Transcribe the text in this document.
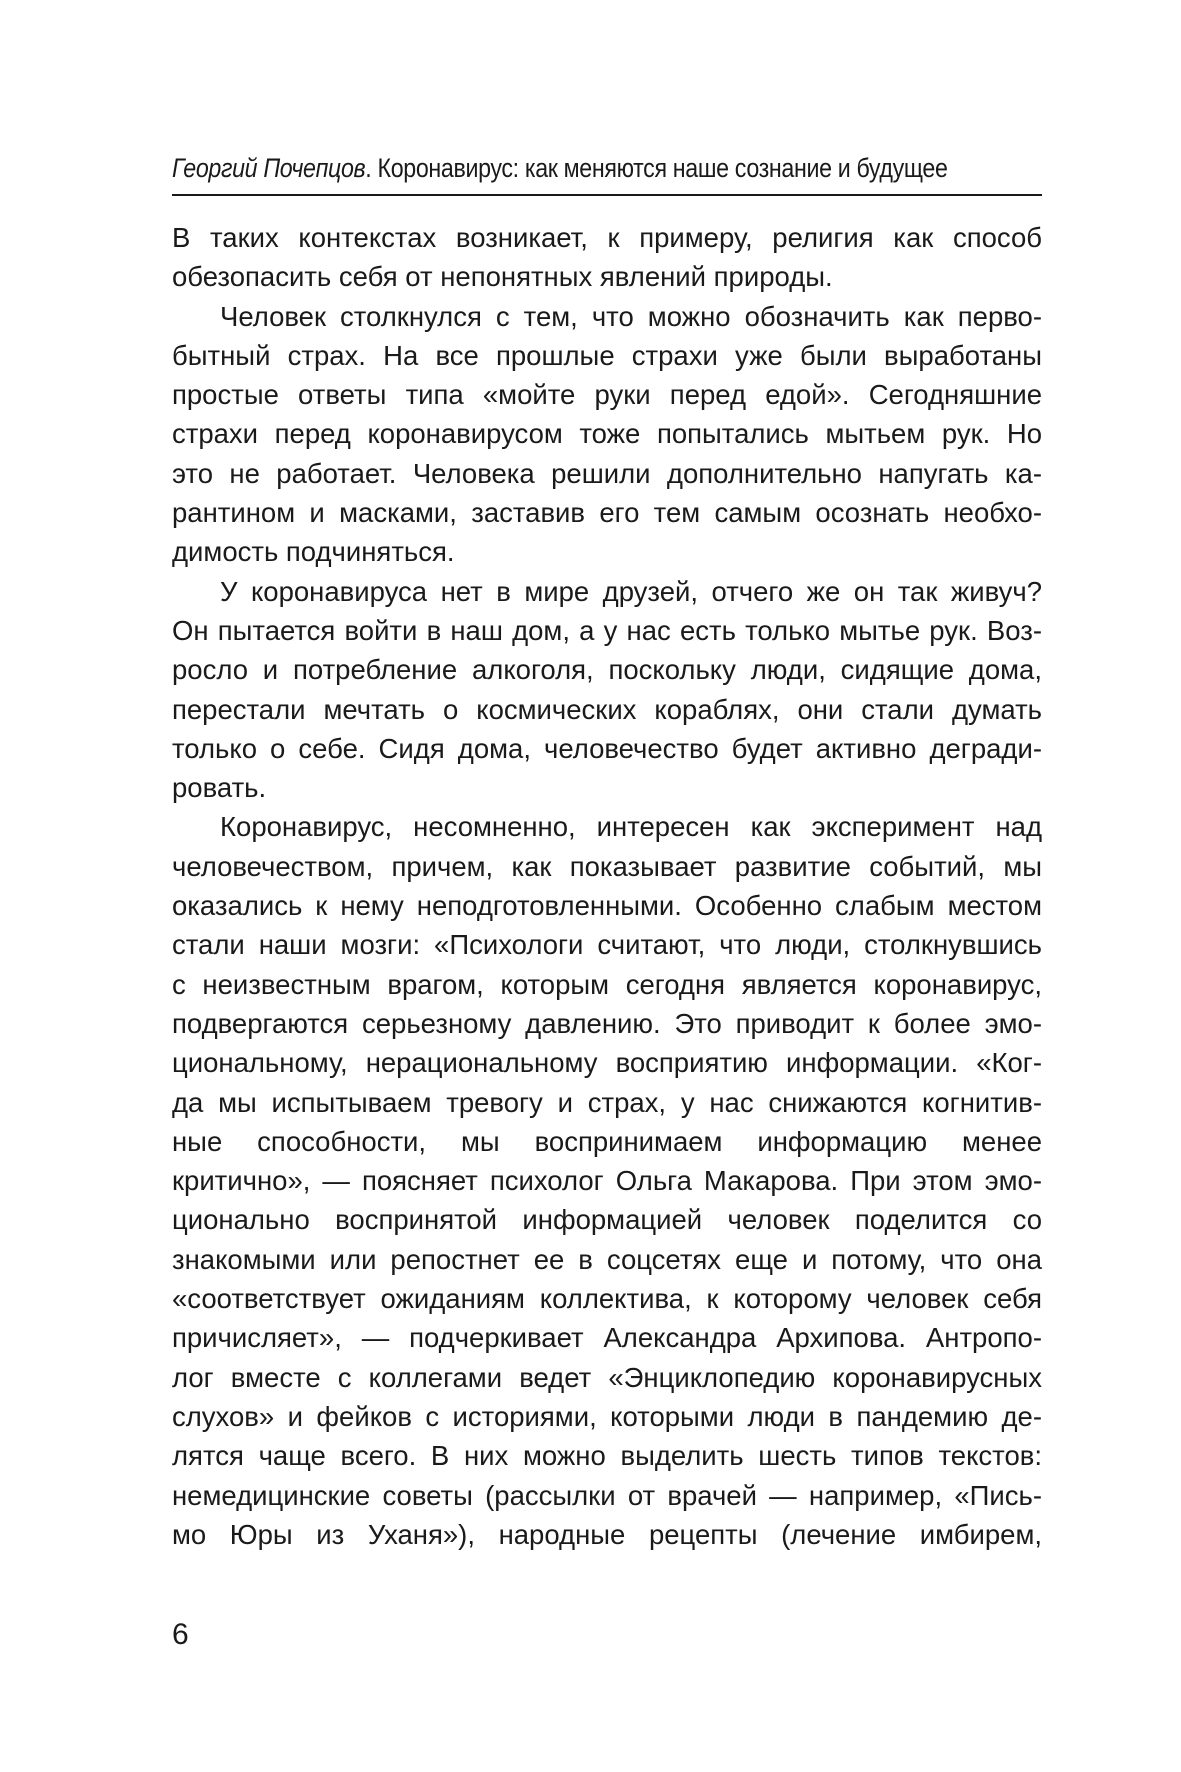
Георгий Почепцов. Коронавирус: как меняются наше сознание и будущее
В таких контекстах возникает, к примеру, религия как способ
обезопасить себя от непонятных явлений природы.
Человек столкнулся с тем, что можно обозначить как перво-
бытный страх. На все прошлые страхи уже были выработаны
простые ответы типа «мойте руки перед едой». Сегодняшние
страхи перед коронавирусом тоже попытались мытьем рук. Но
это не работает. Человека решили дополнительно напугать ка-
рантином и масками, заставив его тем самым осознать необхо-
димость подчиняться.
У коронавируса нет в мире друзей, отчего же он так живуч?
Он пытается войти в наш дом, а у нас есть только мытье рук. Воз-
росло и потребление алкоголя, поскольку люди, сидящие дома,
перестали мечтать о космических кораблях, они стали думать
только о себе. Сидя дома, человечество будет активно дегради-
ровать.
Коронавирус, несомненно, интересен как эксперимент над
человечеством, причем, как показывает развитие событий, мы
оказались к нему неподготовленными. Особенно слабым местом
стали наши мозги: «Психологи считают, что люди, столкнувшись
с неизвестным врагом, которым сегодня является коронавирус,
подвергаются серьезному давлению. Это приводит к более эмо-
циональному, нерациональному восприятию информации. «Ког-
да мы испытываем тревогу и страх, у нас снижаются когнитив-
ные способности, мы воспринимаем информацию менее
критично», — поясняет психолог Ольга Макарова. При этом эмо-
ционально воспринятой информацией человек поделится со
знакомыми или репостнет ее в соцсетях еще и потому, что она
«соответствует ожиданиям коллектива, к которому человек себя
причисляет», — подчеркивает Александра Архипова. Антропо-
лог вместе с коллегами ведет «Энциклопедию коронавирусных
слухов» и фейков с историями, которыми люди в пандемию де-
лятся чаще всего. В них можно выделить шесть типов текстов:
немедицинские советы (рассылки от врачей — например, «Пись-
мо Юры из Уханя»), народные рецепты (лечение имбирем,
6
